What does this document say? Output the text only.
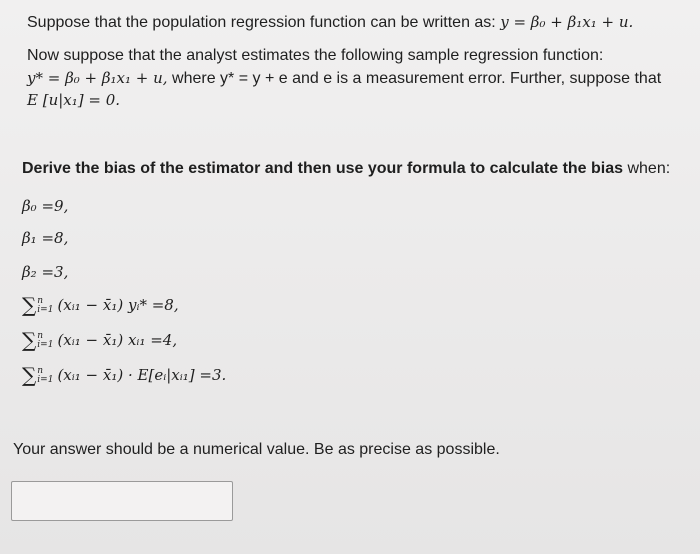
Suppose that the population regression function can be written as: y = β₀ + β₁x₁ + u.
Now suppose that the analyst estimates the following sample regression function:
y* = β₀ + β₁x₁ + u, where y* = y + e and e is a measurement error. Further, suppose that
E [u|x₁] = 0.
Derive the bias of the estimator and then use your formula to calculate the bias when:
β₀ =9,
β₁ =8,
β₂ =3,
∑n
i=1 (xᵢ₁ − x̄₁) yᵢ* =8,
∑n
i=1 (xᵢ₁ − x̄₁) xᵢ₁ =4,
∑n
i=1 (xᵢ₁ − x̄₁) · E[eᵢ|xᵢ₁] =3.
Your answer should be a numerical value. Be as precise as possible.
